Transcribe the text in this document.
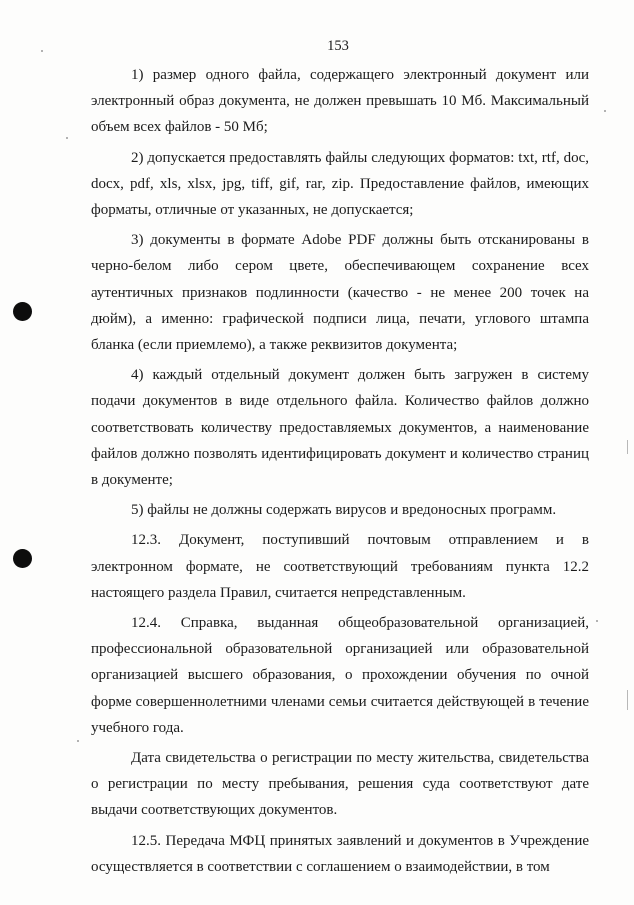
153

1) размер одного файла, содержащего электронный документ или электронный образ документа, не должен превышать 10 Мб. Максимальный объем всех файлов - 50 Мб;

2) допускается предоставлять файлы следующих форматов: txt, rtf, doc, docx, pdf, xls, xlsx, jpg, tiff, gif, rar, zip. Предоставление файлов, имеющих форматы, отличные от указанных, не допускается;

3) документы в формате Adobe PDF должны быть отсканированы в черно-белом либо сером цвете, обеспечивающем сохранение всех аутентичных признаков подлинности (качество - не менее 200 точек на дюйм), а именно: графической подписи лица, печати, углового штампа бланка (если приемлемо), а также реквизитов документа;

4) каждый отдельный документ должен быть загружен в систему подачи документов в виде отдельного файла. Количество файлов должно соответствовать количеству предоставляемых документов, а наименование файлов должно позволять идентифицировать документ и количество страниц в документе;

5) файлы не должны содержать вирусов и вредоносных программ.

12.3. Документ, поступивший почтовым отправлением и в электронном формате, не соответствующий требованиям пункта 12.2 настоящего раздела Правил, считается непредставленным.

12.4. Справка, выданная общеобразовательной организацией, профессиональной образовательной организацией или образовательной организацией высшего образования, о прохождении обучения по очной форме совершеннолетними членами семьи считается действующей в течение учебного года.

Дата свидетельства о регистрации по месту жительства, свидетельства о регистрации по месту пребывания, решения суда соответствуют дате выдачи соответствующих документов.

12.5. Передача МФЦ принятых заявлений и документов в Учреждение осуществляется в соответствии с соглашением о взаимодействии, в том
